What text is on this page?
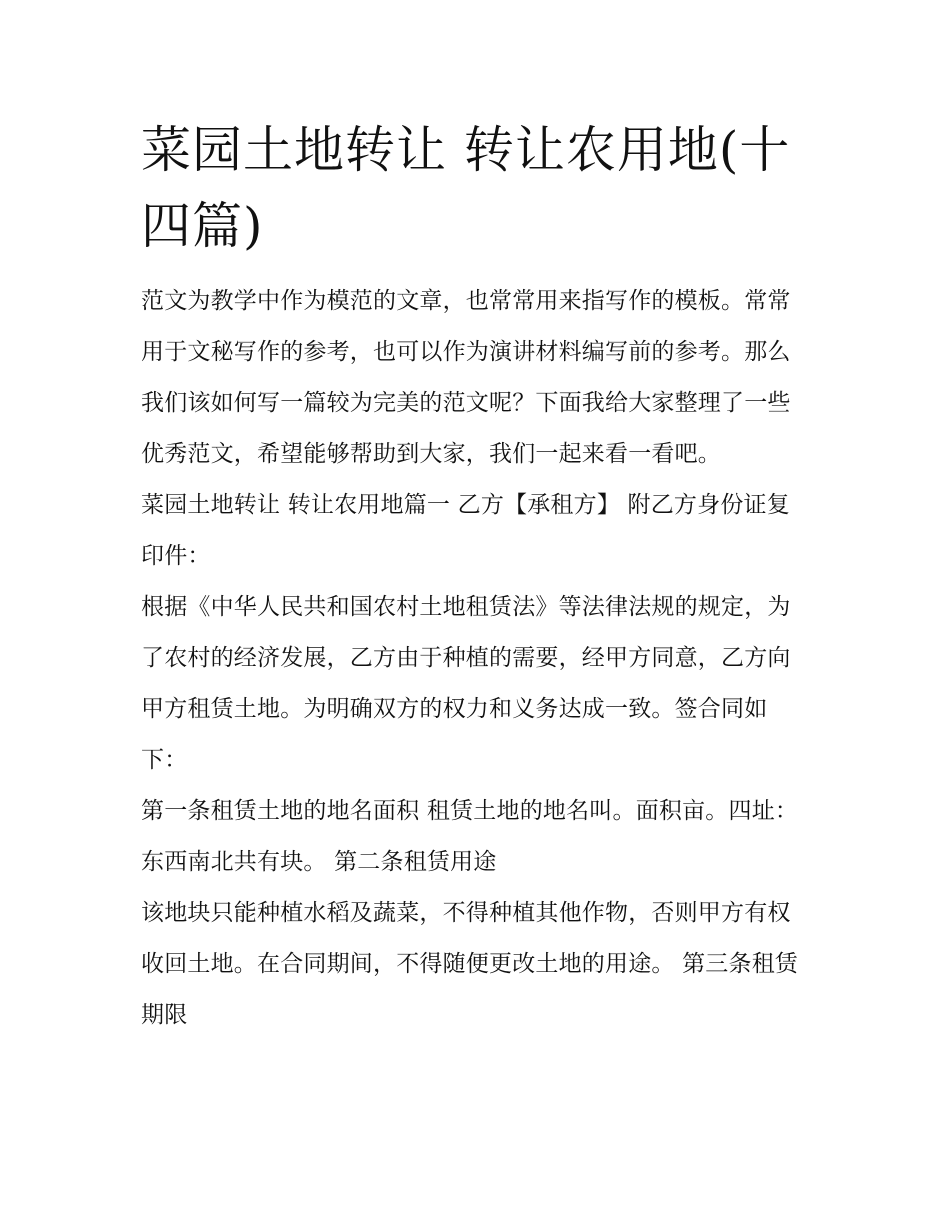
菜园土地转让 转让农用地(十四篇)

范文为教学中作为模范的文章，也常常用来指写作的模板。常常用于文秘写作的参考，也可以作为演讲材料编写前的参考。那么我们该如何写一篇较为完美的范文呢？下面我给大家整理了一些优秀范文，希望能够帮助到大家，我们一起来看一看吧。

菜园土地转让 转让农用地篇一 乙方【承租方】 附乙方身份证复印件：

根据《中华人民共和国农村土地租赁法》等法律法规的规定，为了农村的经济发展，乙方由于种植的需要，经甲方同意，乙方向甲方租赁土地。为明确双方的权力和义务达成一致。签合同如下：

第一条租赁土地的地名面积 租赁土地的地名叫。面积亩。四址：东西南北共有块。 第二条租赁用途

该地块只能种植水稻及蔬菜，不得种植其他作物，否则甲方有权收回土地。在合同期间，不得随便更改土地的用途。 第三条租赁期限
